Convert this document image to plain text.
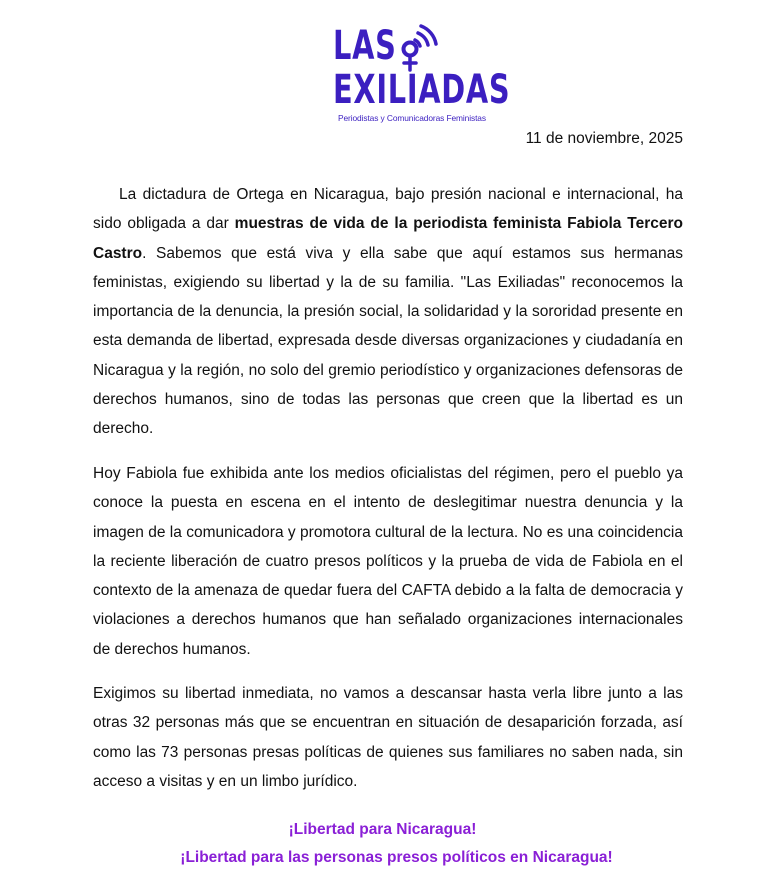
LAS
EXILIADAS
Periodistas y Comunicadoras Feministas
11 de noviembre, 2025

La dictadura de Ortega en Nicaragua, bajo presión nacional e internacional, ha sido obligada a dar muestras de vida de la periodista feminista Fabiola Tercero Castro. Sabemos que está viva y ella sabe que aquí estamos sus hermanas feministas, exigiendo su libertad y la de su familia. "Las Exiliadas" reconocemos la importancia de la denuncia, la presión social, la solidaridad y la sororidad presente en esta demanda de libertad, expresada desde diversas organizaciones y ciudadanía en Nicaragua y la región, no solo del gremio periodístico y organizaciones defensoras de derechos humanos, sino de todas las personas que creen que la libertad es un derecho.

Hoy Fabiola fue exhibida ante los medios oficialistas del régimen, pero el pueblo ya conoce la puesta en escena en el intento de deslegitimar nuestra denuncia y la imagen de la comunicadora y promotora cultural de la lectura. No es una coincidencia la reciente liberación de cuatro presos políticos y la prueba de vida de Fabiola en el contexto de la amenaza de quedar fuera del CAFTA debido a la falta de democracia y violaciones a derechos humanos que han señalado organizaciones internacionales de derechos humanos.

Exigimos su libertad inmediata, no vamos a descansar hasta verla libre junto a las otras 32 personas más que se encuentran en situación de desaparición forzada, así como las 73 personas presas políticas de quienes sus familiares no saben nada, sin acceso a visitas y en un limbo jurídico.

¡Libertad para Nicaragua!
¡Libertad para las personas presos políticos en Nicaragua!
